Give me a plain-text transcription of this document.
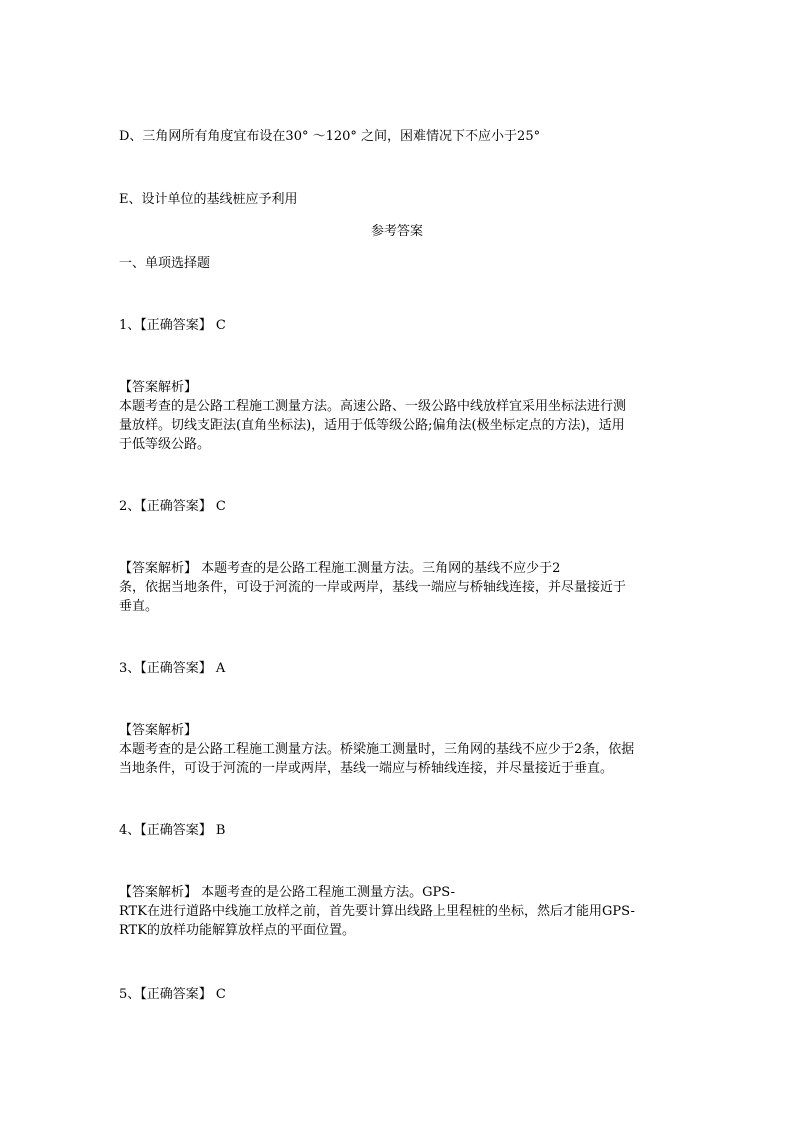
D、三角网所有角度宜布设在30° ～120° 之间，困难情况下不应小于25°

E、设计单位的基线桩应予利用

参考答案

一、单项选择题

1、【正确答案】 C

【答案解析】
本题考查的是公路工程施工测量方法。高速公路、一级公路中线放样宜采用坐标法进行测
量放样。切线支距法(直角坐标法)，适用于低等级公路;偏角法(极坐标定点的方法)，适用
于低等级公路。

2、【正确答案】 C

【答案解析】 本题考查的是公路工程施工测量方法。三角网的基线不应少于2
条，依据当地条件，可设于河流的一岸或两岸，基线一端应与桥轴线连接，并尽量接近于
垂直。

3、【正确答案】 A

【答案解析】
本题考查的是公路工程施工测量方法。桥梁施工测量时，三角网的基线不应少于2条，依据
当地条件，可设于河流的一岸或两岸，基线一端应与桥轴线连接，并尽量接近于垂直。

4、【正确答案】 B

【答案解析】 本题考查的是公路工程施工测量方法。GPS-
RTK在进行道路中线施工放样之前，首先要计算出线路上里程桩的坐标，然后才能用GPS-
RTK的放样功能解算放样点的平面位置。

5、【正确答案】 C
